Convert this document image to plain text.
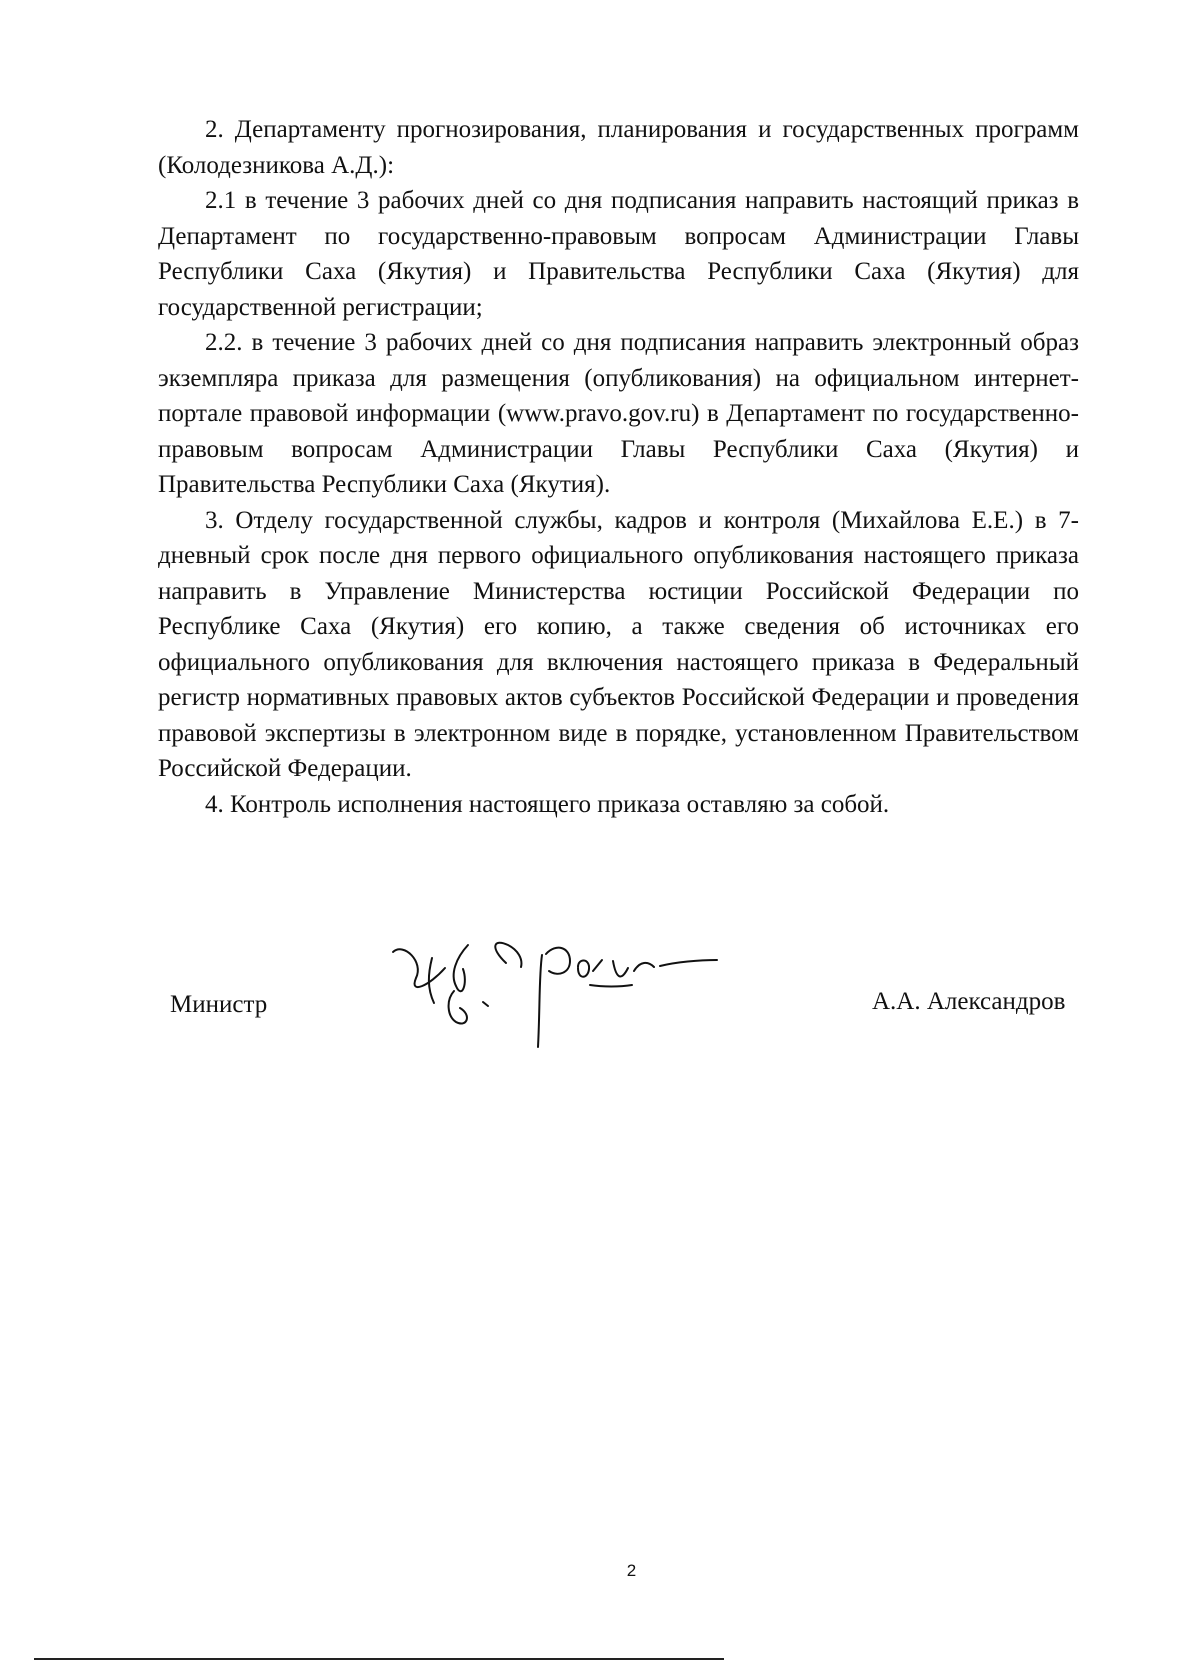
2. Департаменту прогнозирования, планирования и государственных программ (Колодезникова А.Д.):

2.1 в течение 3 рабочих дней со дня подписания направить настоящий приказ в Департамент по государственно-правовым вопросам Администрации Главы Республики Саха (Якутия) и Правительства Республики Саха (Якутия) для государственной регистрации;

2.2. в течение 3 рабочих дней со дня подписания направить электронный образ экземпляра приказа для размещения (опубликования) на официальном интернет-портале правовой информации (www.pravo.gov.ru) в Департамент по государственно-правовым вопросам Администрации Главы Республики Саха (Якутия) и Правительства Республики Саха (Якутия).

3. Отделу государственной службы, кадров и контроля (Михайлова Е.Е.) в 7-дневный срок после дня первого официального опубликования настоящего приказа направить в Управление Министерства юстиции Российской Федерации по Республике Саха (Якутия) его копию, а также сведения об источниках его официального опубликования для включения настоящего приказа в Федеральный регистр нормативных правовых актов субъектов Российской Федерации и проведения правовой экспертизы в электронном виде в порядке, установленном Правительством Российской Федерации.

4. Контроль исполнения настоящего приказа оставляю за собой.

Министр	А.А. Александров
2
